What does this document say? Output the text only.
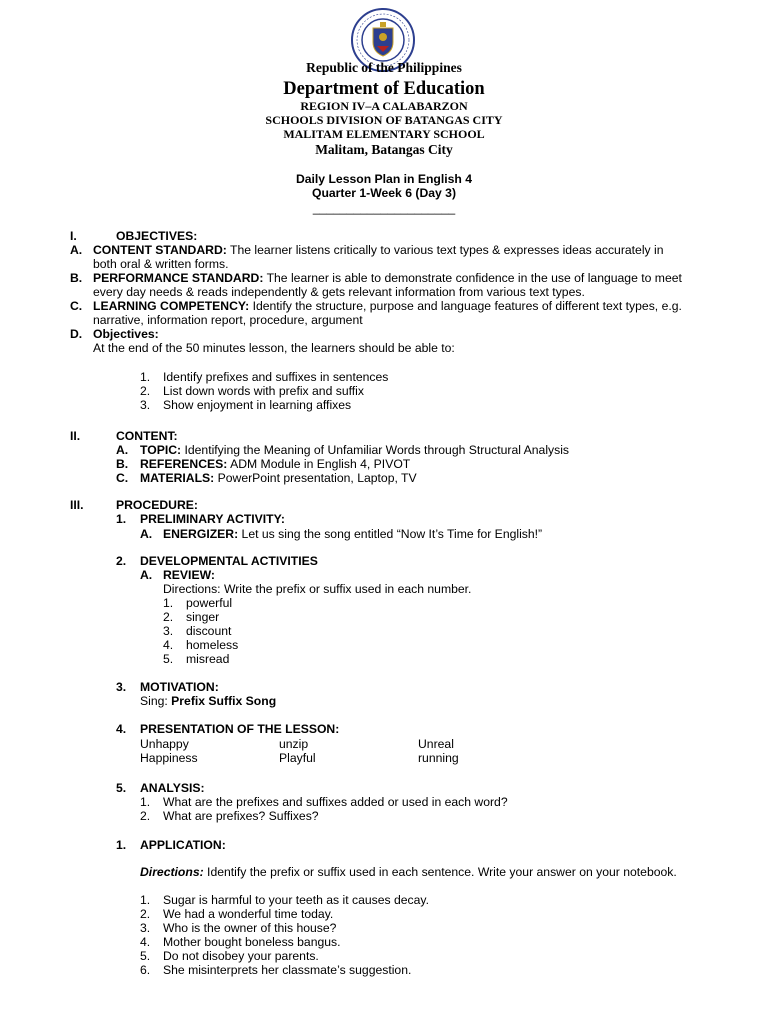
Republic of the Philippines
Department of Education
REGION IV–A CALABARZON
SCHOOLS DIVISION OF BATANGAS CITY
MALITAM ELEMENTARY SCHOOL
Malitam, Batangas City
Daily Lesson Plan in English 4
Quarter 1-Week 6 (Day 3)
_____________________
I.	OBJECTIVES:
A. CONTENT STANDARD: The learner listens critically to various text types & expresses ideas accurately in
both oral & written forms.
B. PERFORMANCE STANDARD: The learner is able to demonstrate confidence in the use of language to meet
every day needs & reads independently & gets relevant information from various text types.
C. LEARNING COMPETENCY: Identify the structure, purpose and language features of different text types, e.g.
narrative, information report, procedure, argument
D. Objectives:
At the end of the 50 minutes lesson, the learners should be able to:
1. Identify prefixes and suffixes in sentences
2. List down words with prefix and suffix
3. Show enjoyment in learning affixes
II.	CONTENT:
A. TOPIC: Identifying the Meaning of Unfamiliar Words through Structural Analysis
B. REFERENCES: ADM Module in English 4, PIVOT
C. MATERIALS: PowerPoint presentation, Laptop, TV
III.	PROCEDURE:
1. PRELIMINARY ACTIVITY:
A. ENERGIZER: Let us sing the song entitled “Now It’s Time for English!”
2. DEVELOPMENTAL ACTIVITIES
A. REVIEW:
Directions: Write the prefix or suffix used in each number.
1. powerful
2. singer
3. discount
4. homeless
5. misread
3. MOTIVATION:
Sing: Prefix Suffix Song
4. PRESENTATION OF THE LESSON:
Unhappy	unzip	Unreal
Happiness	Playful	running
5. ANALYSIS:
1. What are the prefixes and suffixes added or used in each word?
2. What are prefixes? Suffixes?
1. APPLICATION:
Directions: Identify the prefix or suffix used in each sentence. Write your answer on your notebook.
1. Sugar is harmful to your teeth as it causes decay.
2. We had a wonderful time today.
3. Who is the owner of this house?
4. Mother bought boneless bangus.
5. Do not disobey your parents.
6. She misinterprets her classmate’s suggestion.
